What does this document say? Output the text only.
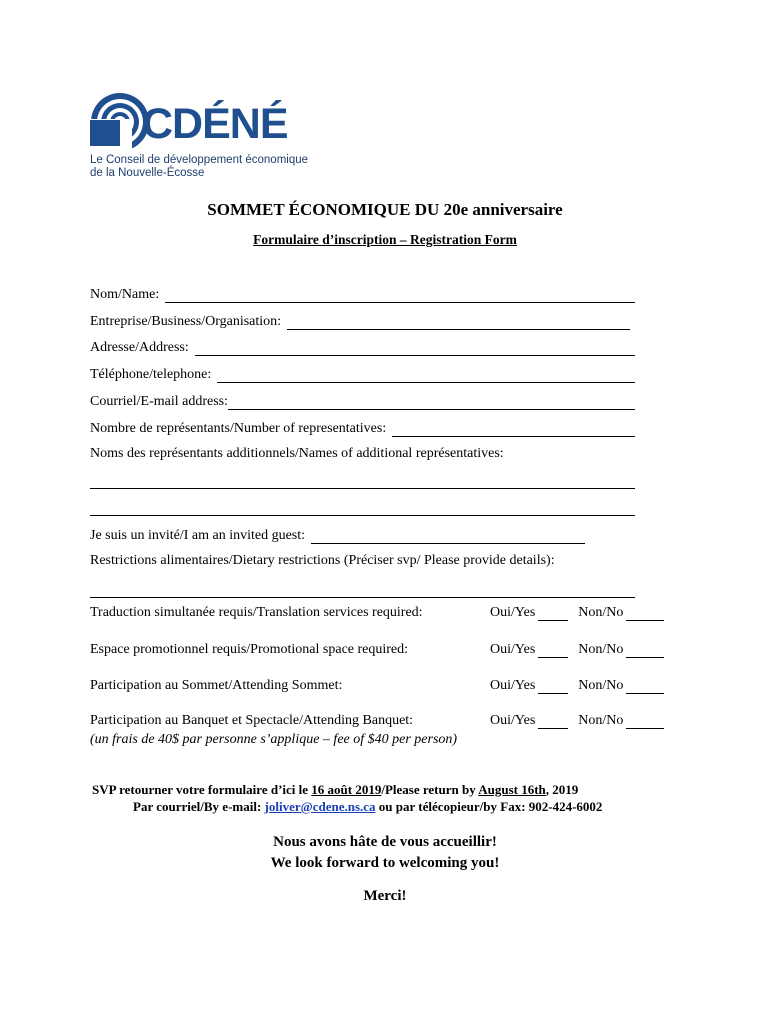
CDÉNÉ
Le Conseil de développement économique
de la Nouvelle-Écosse
SOMMET ÉCONOMIQUE DU 20e anniversaire
Formulaire d’inscription – Registration Form
Nom/Name:
Entreprise/Business/Organisation:
Adresse/Address:
Téléphone/telephone:
Courriel/E-mail address:
Nombre de représentants/Number of representatives:
Noms des représentants additionnels/Names of additional représentatives:
Je suis un invité/I am an invited guest:
Restrictions alimentaires/Dietary restrictions (Préciser svp/ Please provide details):
Traduction simultanée requis/Translation services required:	Oui/Yes	Non/No
Espace promotionnel requis/Promotional space required:	Oui/Yes	Non/No
Participation au Sommet/Attending Sommet:	Oui/Yes	Non/No
Participation au Banquet et Spectacle/Attending Banquet:	Oui/Yes	Non/No
(un frais de 40$ par personne s’applique – fee of $40 per person)
SVP retourner votre formulaire d’ici le 16 août 2019/Please return by August 16th, 2019
Par courriel/By e-mail: joliver@cdene.ns.ca ou par télécopieur/by Fax: 902-424-6002
Nous avons hâte de vous accueillir!
We look forward to welcoming you!
Merci!
